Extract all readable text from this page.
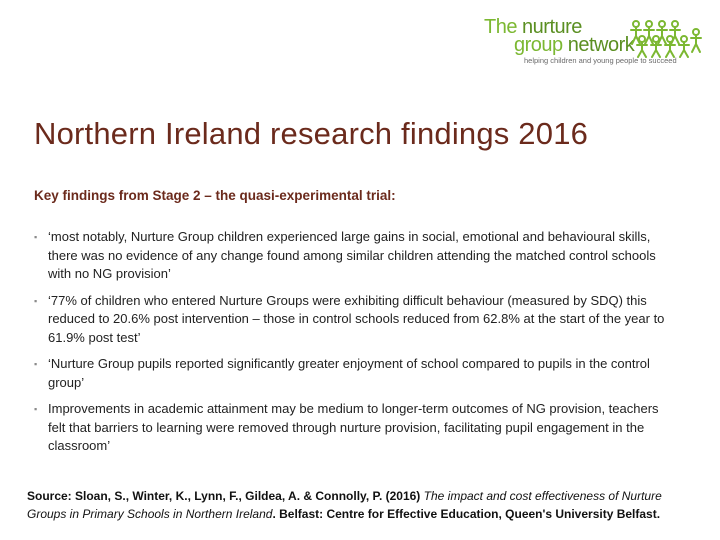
The nurture
group network
helping children and young people to succeed
Northern Ireland research findings 2016
Key findings from Stage 2 – the quasi-experimental trial:
▪ ‘most notably, Nurture Group children experienced large gains in social, emotional and behavioural skills, there was no evidence of any change found among similar children attending the matched control schools with no NG provision’
▪ ‘77% of children who entered Nurture Groups were exhibiting difficult behaviour (measured by SDQ) this reduced to 20.6% post intervention – those in control schools reduced from 62.8% at the start of the year to 61.9% post test’
▪ ‘Nurture Group pupils reported significantly greater enjoyment of school compared to pupils in the control group’
▪ Improvements in academic attainment may be medium to longer-term outcomes of NG provision, teachers felt that barriers to learning were removed through nurture provision, facilitating pupil engagement in the classroom’
Source: Sloan, S., Winter, K., Lynn, F., Gildea, A. & Connolly, P. (2016) The impact and cost effectiveness of Nurture Groups in Primary Schools in Northern Ireland. Belfast: Centre for Effective Education, Queen's University Belfast.
